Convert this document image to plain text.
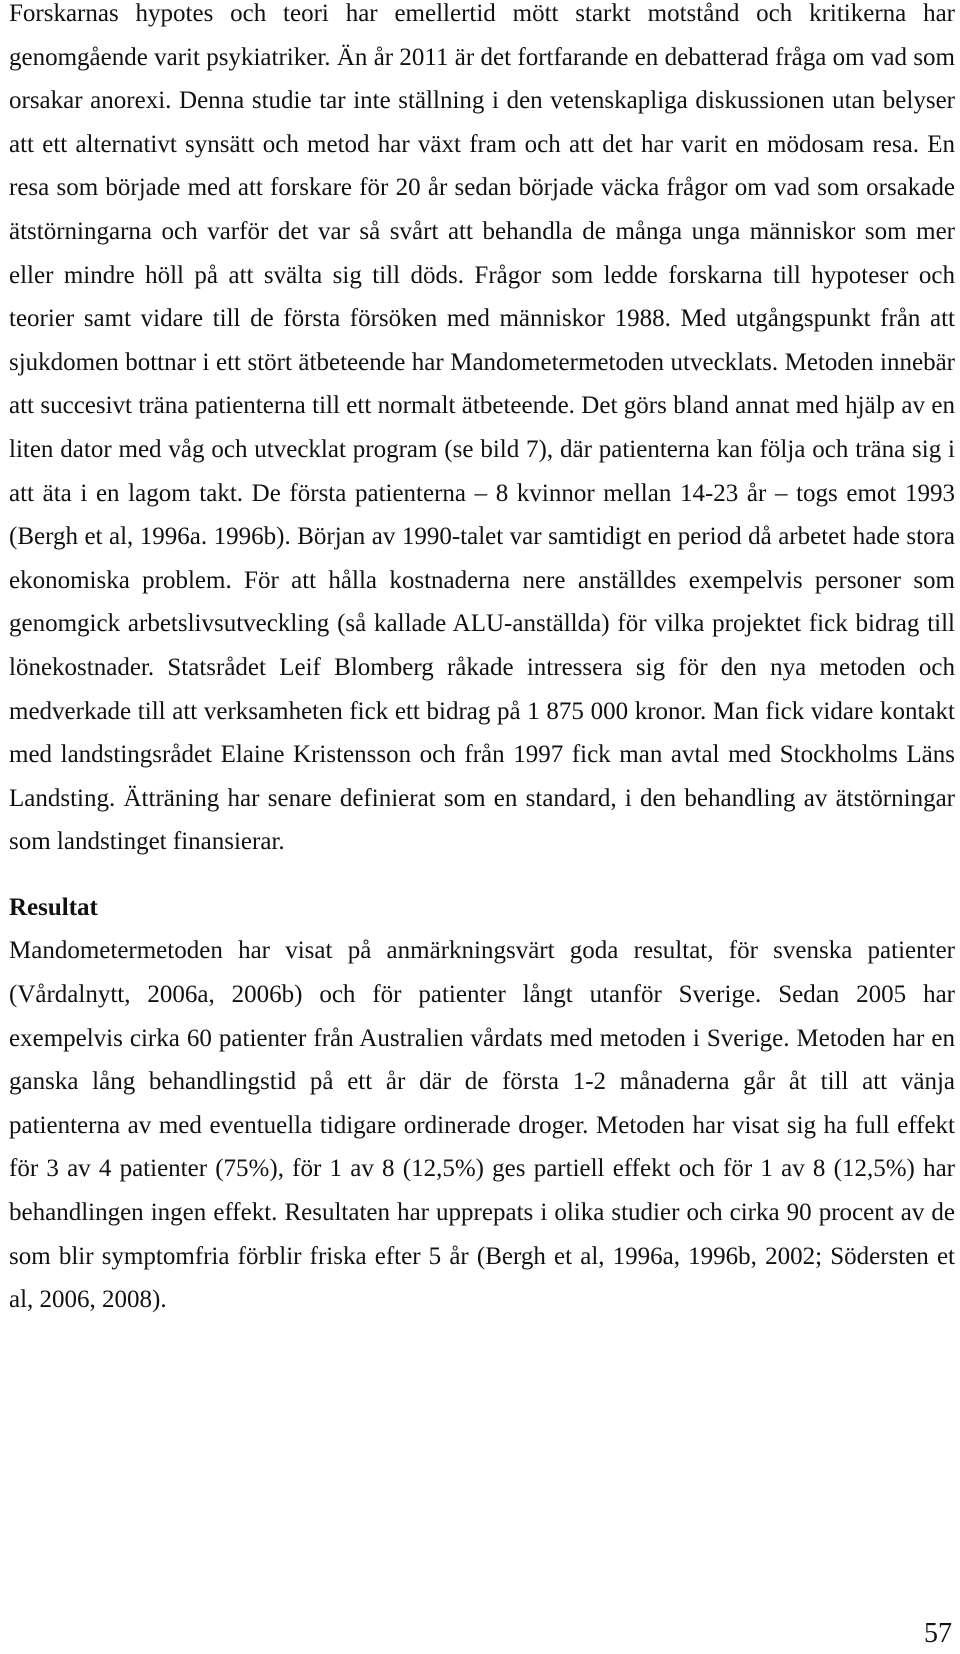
Forskarnas hypotes och teori har emellertid mött starkt motstånd och kritikerna har genomgående varit psykiatriker. Än år 2011 är det fortfarande en debatterad fråga om vad som orsakar anorexi. Denna studie tar inte ställning i den vetenskapliga diskussionen utan belyser att ett alternativt synsätt och metod har växt fram och att det har varit en mödosam resa. En resa som började med att forskare för 20 år sedan började väcka frågor om vad som orsakade ätstörningarna och varför det var så svårt att behandla de många unga människor som mer eller mindre höll på att svälta sig till döds. Frågor som ledde forskarna till hypoteser och teorier samt vidare till de första försöken med människor 1988. Med utgångspunkt från att sjukdomen bottnar i ett stört ätbeteende har Mandometermetoden utvecklats. Metoden innebär att succesivt träna patienterna till ett normalt ätbeteende. Det görs bland annat med hjälp av en liten dator med våg och utvecklat program (se bild 7), där patienterna kan följa och träna sig i att äta i en lagom takt. De första patienterna – 8 kvinnor mellan 14-23 år – togs emot 1993 (Bergh et al, 1996a. 1996b). Början av 1990-talet var samtidigt en period då arbetet hade stora ekonomiska problem. För att hålla kostnaderna nere anställdes exempelvis personer som genomgick arbetslivsutveckling (så kallade ALU-anställda) för vilka projektet fick bidrag till lönekostnader. Statsrådet Leif Blomberg råkade intressera sig för den nya metoden och medverkade till att verksamheten fick ett bidrag på 1 875 000 kronor. Man fick vidare kontakt med landstingsrådet Elaine Kristensson och från 1997 fick man avtal med Stockholms Läns Landsting. Ätträning har senare definierat som en standard, i den behandling av ätstörningar som landstinget finansierar.

Resultat

Mandometermetoden har visat på anmärkningsvärt goda resultat, för svenska patienter (Vårdalnytt, 2006a, 2006b) och för patienter långt utanför Sverige. Sedan 2005 har exempelvis cirka 60 patienter från Australien vårdats med metoden i Sverige. Metoden har en ganska lång behandlingstid på ett år där de första 1-2 månaderna går åt till att vänja patienterna av med eventuella tidigare ordinerade droger. Metoden har visat sig ha full effekt för 3 av 4 patienter (75%), för 1 av 8 (12,5%) ges partiell effekt och för 1 av 8 (12,5%) har behandlingen ingen effekt. Resultaten har upprepats i olika studier och cirka 90 procent av de som blir symptomfria förblir friska efter 5 år (Bergh et al, 1996a, 1996b, 2002; Södersten et al, 2006, 2008).

57
